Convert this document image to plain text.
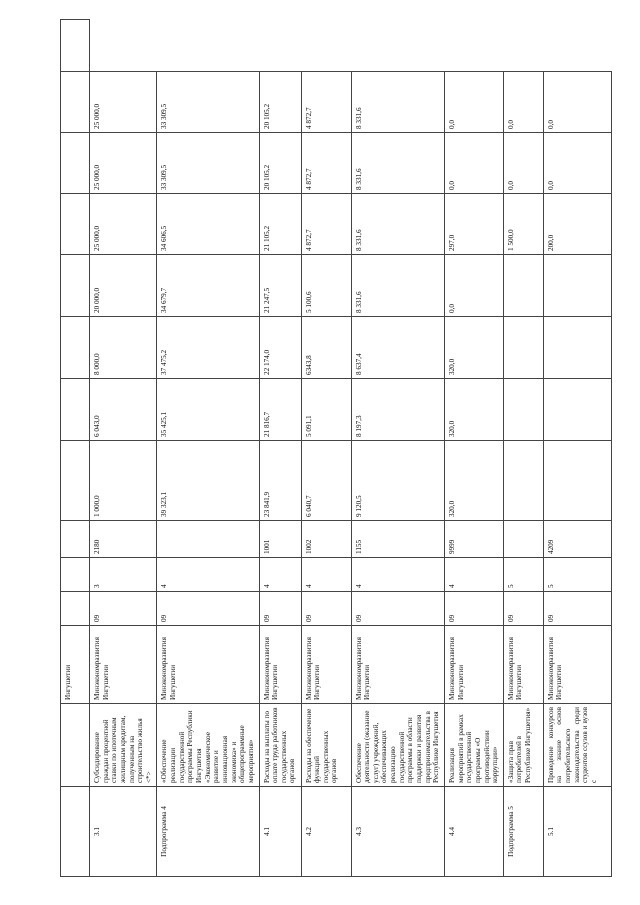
		Ингушетии											
3.1	Субсидирование граждан процентной ставки по ипотечным жилищным кредитам, полученным на строительство жилья <*>	Минэкономразвития Ингушетии	09	3	2180	1 000,0	6 043,0	8 000,0	20 000,0	25 000,0	25 000,0	25 000,0	
Подпрограмма 4	«Обеспечение реализации государственной программы Республики Ингушетия «Экономическое развитие и инновационная экономика» и общепрограммные мероприятия»	Минэкономразвития Ингушетии	09	4		39 323,1	35 425,1	37 475,2	34 679,7	34 606,5	33 309,5	33 309,5	
4.1	Расходы на выплаты по оплате труда работников государственных органов	Минэкономразвития Ингушетии	09	4	1001	23 841,9	21 816,7	22 174,0	21 247,5	21 105,2	20 105,2	20 105,2	
4.2	Расходы на обеспечение функций государственных органов	Минэкономразвития Ингушетии	09	4	1002	6 040,7	5 091,1	6343,8	5 100,6	4 872,7	4 872,7	4 872,7	
4.3	Обеспечение деятельности (оказание услуг) учреждений, обеспечивающих реализацию государственной программы в области поддержки и развития предпринимательства в Республике Ингушетия	Минэкономразвития Ингушетии	09	4	1155	9 120,5	8 197,3	8 637,4	8 331,6	8 331,6	8 331,6	8 331,6	
4.4	Реализация мероприятий в рамках государственной программы «О противодействии коррупции»	Минэкономразвития Ингушетии	09	4	9999	320,0	320,0	320,0	0,0	297,0	0,0	0,0	
Подпрограмма 5	«Защита прав потребителей в Республике Ингушетия»	Минэкономразвития Ингушетии	09	5						1 500,0	0,0	0,0	
5.1	Проведение конкурсов на знание основ потребительского законодательства среди студентов ссузов и вузов с	Минэкономразвития Ингушетии	09	5	4209					200,0	0,0	0,0	
